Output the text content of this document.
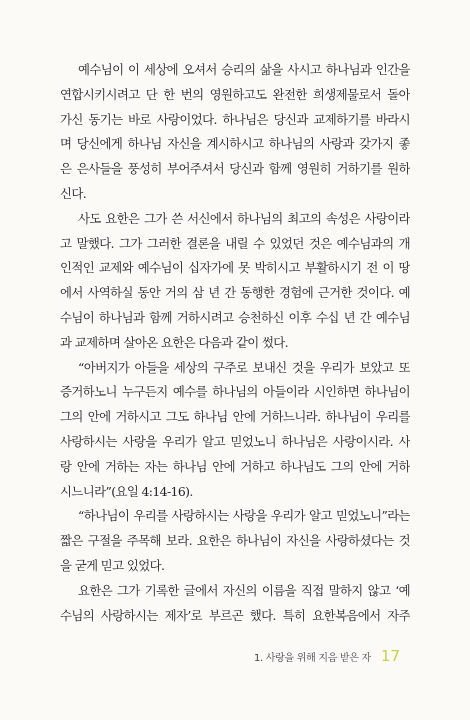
예수님이 이 세상에 오셔서 승리의 삶을 사시고 하나님과 인간을
연합시키시려고 단 한 번의 영원하고도 완전한 희생제물로서 돌아
가신 동기는 바로 사랑이었다. 하나님은 당신과 교제하기를 바라시
며 당신에게 하나님 자신을 계시하시고 하나님의 사랑과 갖가지 좋
은 은사들을 풍성히 부어주셔서 당신과 함께 영원히 거하기를 원하
신다.
사도 요한은 그가 쓴 서신에서 하나님의 최고의 속성은 사랑이라
고 말했다. 그가 그러한 결론을 내릴 수 있었던 것은 예수님과의 개
인적인 교제와 예수님이 십자가에 못 박히시고 부활하시기 전 이 땅
에서 사역하실 동안 거의 삼 년 간 동행한 경험에 근거한 것이다. 예
수님이 하나님과 함께 거하시려고 승천하신 이후 수십 년 간 예수님
과 교제하며 살아온 요한은 다음과 같이 썼다.
“아버지가 아들을 세상의 구주로 보내신 것을 우리가 보았고 또
증거하노니 누구든지 예수를 하나님의 아들이라 시인하면 하나님이
그의 안에 거하시고 그도 하나님 안에 거하느니라. 하나님이 우리를
사랑하시는 사랑을 우리가 알고 믿었노니 하나님은 사랑이시라. 사
랑 안에 거하는 자는 하나님 안에 거하고 하나님도 그의 안에 거하
시느니라”(요일 4:14-16).
“하나님이 우리를 사랑하시는 사랑을 우리가 알고 믿었노니”라는
짧은 구절을 주목해 보라. 요한은 하나님이 자신을 사랑하셨다는 것
을 굳게 믿고 있었다.
요한은 그가 기록한 글에서 자신의 이름을 직접 말하지 않고 ‘예
수님의 사랑하시는 제자’로 부르곤 했다. 특히 요한복음에서 자주
1. 사랑을 위해 지음 받은 자 17
